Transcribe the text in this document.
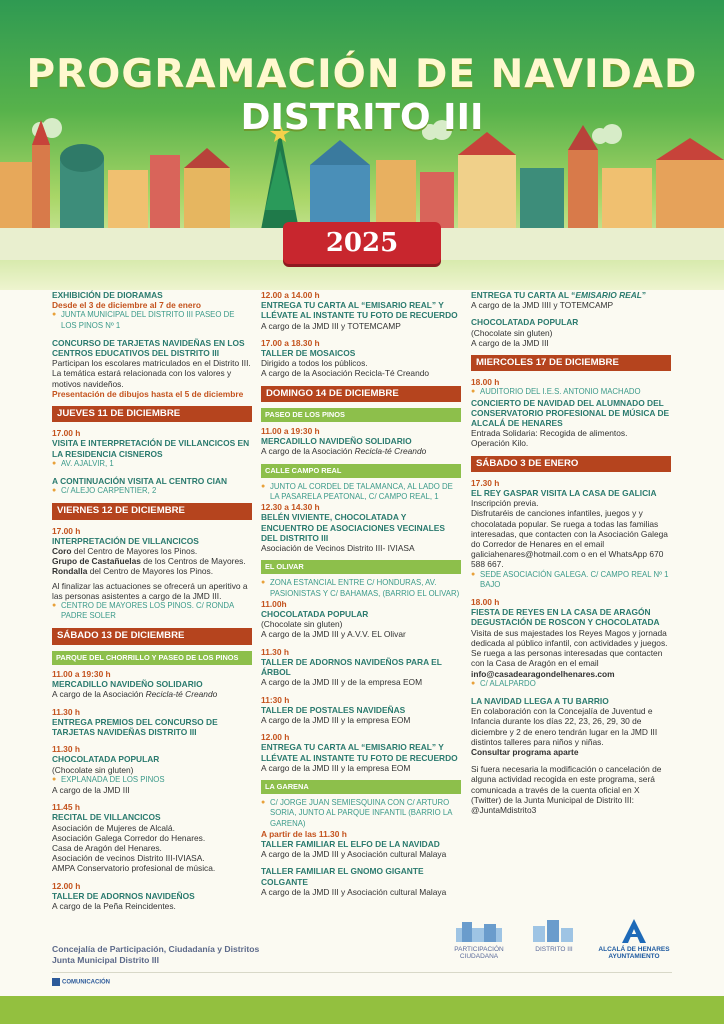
PROGRAMACIÓN DE NAVIDAD
DISTRITO III
2025
EXHIBICIÓN DE DIORAMAS
Desde el 3 de diciembre al 7 de enero
● JUNTA MUNICIPAL DEL DISTRITO III PASEO DE LOS PINOS Nº 1
CONCURSO DE TARJETAS NAVIDEÑAS EN LOS CENTROS EDUCATIVOS DEL DISTRITO III
Participan los escolares matriculados en el Distrito III. La temática estará relacionada con los valores y motivos navideños.
Presentación de dibujos hasta el 5 de diciembre
JUEVES 11 DE DICIEMBRE
17.00 h
VISITA E INTERPRETACIÓN DE VILLANCICOS EN LA RESIDENCIA CISNEROS
● AV. AJALVIR, 1
A CONTINUACIÓN VISITA AL CENTRO CIAN
● C/ ALEJO CARPENTIER, 2
VIERNES 12 DE DICIEMBRE
17.00 h
INTERPRETACIÓN DE VILLANCICOS
Coro del Centro de Mayores los Pinos.
Grupo de Castañuelas de los Centros de Mayores.
Rondalla del Centro de Mayores los Pinos.
Al finalizar las actuaciones se ofrecerá un aperitivo a las personas asistentes a cargo de la JMD III.
● CENTRO DE MAYORES LOS PINOS. C/ RONDA PADRE SOLER
SÁBADO 13 DE DICIEMBRE
PARQUE DEL CHORRILLO Y PASEO DE LOS PINOS
11.00 a 19:30 h
MERCADILLO NAVIDEÑO SOLIDARIO
A cargo de la Asociación Recicla-té Creando
11.30 h
ENTREGA PREMIOS DEL CONCURSO DE TARJETAS NAVIDEÑAS DISTRITO III
11.30 h
CHOCOLATADA POPULAR
(Chocolate sin gluten)
● EXPLANADA DE LOS PINOS
A cargo de la JMD III
11.45 h
RECITAL DE VILLANCICOS
Asociación de Mujeres de Alcalá.
Asociación Galega Corredor do Henares.
Casa de Aragón del Henares.
Asociación de vecinos Distrito III-IVIASA.
AMPA Conservatorio profesional de música.
12.00 h
TALLER DE ADORNOS NAVIDEÑOS
A cargo de la Peña Reincidentes.
12.00 a 14.00 h
ENTREGA TU CARTA AL “EMISARIO REAL” Y LLÉVATE AL INSTANTE TU FOTO DE RECUERDO
A cargo de la JMD III y TOTEMCAMP
17.00 a 18.30 h
TALLER DE MOSAICOS
Dirigido a todos los públicos.
A cargo de la Asociación Recicla-Té Creando
DOMINGO 14 DE DICIEMBRE
PASEO DE LOS PINOS
11.00 a 19:30 h
MERCADILLO NAVIDEÑO SOLIDARIO
A cargo de la Asociación Recicla-té Creando
CALLE CAMPO REAL
● JUNTO AL CORDEL DE TALAMANCA, AL LADO DE LA PASARELA PEATONAL, C/ CAMPO REAL, 1
12.30 a 14.30 h
BELÉN VIVIENTE, CHOCOLATADA Y ENCUENTRO DE ASOCIACIONES VECINALES DEL DISTRITO III
Asociación de Vecinos Distrito III- IVIASA
EL OLIVAR
● ZONA ESTANCIAL ENTRE C/ HONDURAS, AV. PASIONISTAS Y C/ BAHAMAS, (BARRIO EL OLIVAR)
11.00h
CHOCOLATADA POPULAR
(Chocolate sin gluten)
A cargo de la JMD III y A.V.V. EL Olivar
11.30 h
TALLER DE ADORNOS NAVIDEÑOS PARA EL ÁRBOL
A cargo de la JMD III y de la empresa EOM
11:30 h
TALLER DE POSTALES NAVIDEÑAS
A cargo de la JMD III y la empresa EOM
12.00 h
ENTREGA TU CARTA AL “EMISARIO REAL” Y LLÉVATE AL INSTANTE TU FOTO DE RECUERDO
A cargo de la JMD III y la empresa EOM
LA GARENA
● C/ JORGE JUAN SEMIESQUINA CON C/ ARTURO SORIA, JUNTO AL PARQUE INFANTIL (BARRIO LA GARENA)
A partir de las 11.30 h
TALLER FAMILIAR EL ELFO DE LA NAVIDAD
A cargo de la JMD III y Asociación cultural Malaya
TALLER FAMILIAR EL GNOMO GIGANTE COLGANTE
A cargo de la JMD III y Asociación cultural Malaya
ENTREGA TU CARTA AL “EMISARIO REAL”
A cargo de la JMD IIII y TOTEMCAMP
CHOCOLATADA POPULAR
(Chocolate sin gluten)
A cargo de la JMD III
MIERCOLES 17 DE DICIEMBRE
18.00 h
● AUDITORIO DEL I.E.S. ANTONIO MACHADO
CONCIERTO DE NAVIDAD DEL ALUMNADO DEL CONSERVATORIO PROFESIONAL DE MÚSICA DE ALCALÁ DE HENARES
Entrada Solidaria: Recogida de alimentos.
Operación Kilo.
SÁBADO 3 DE ENERO
17.30 h
EL REY GASPAR VISITA LA CASA DE GALICIA
Inscripción previa.
Disfrutaréis de canciones infantiles, juegos y y chocolatada popular. Se ruega a todas las familias interesadas, que contacten con la Asociación Galega do Corredor de Henares en el email galiciahenares@hotmail.com o en el WhatsApp 670 588 667.
● SEDE ASOCIACIÓN GALEGA. C/ CAMPO REAL Nº 1 BAJO
18.00 h
FIESTA DE REYES EN LA CASA DE ARAGÓN DEGUSTACIÓN DE ROSCON Y CHOCOLATADA
Visita de sus majestades los Reyes Magos y jornada dedicada al público infantil, con actividades y juegos.
Se ruega a las personas interesadas que contacten con la Casa de Aragón en el email info@casadearagondelhenares.com
● C/ ALALPARDO
LA NAVIDAD LLEGA A TU BARRIO
En colaboración con la Concejalía de Juventud e Infancia durante los días 22, 23, 26, 29, 30 de diciembre y 2 de enero tendrán lugar en la JMD III distintos talleres para niños y niñas.
Consultar programa aparte
Si fuera necesaria la modificación o cancelación de alguna actividad recogida en este programa, será comunicada a través de la cuenta oficial en X (Twitter) de la Junta Municipal de Distrito III: @JuntaMdistrito3
Concejalía de Participación, Ciudadanía y Distritos
Junta Municipal Distrito III
PARTICIPACIÓN CIUDADANA
DISTRITO III	ALCALÁ DE HENARES
AYUNTAMIENTO
COMUNICACIÓN
